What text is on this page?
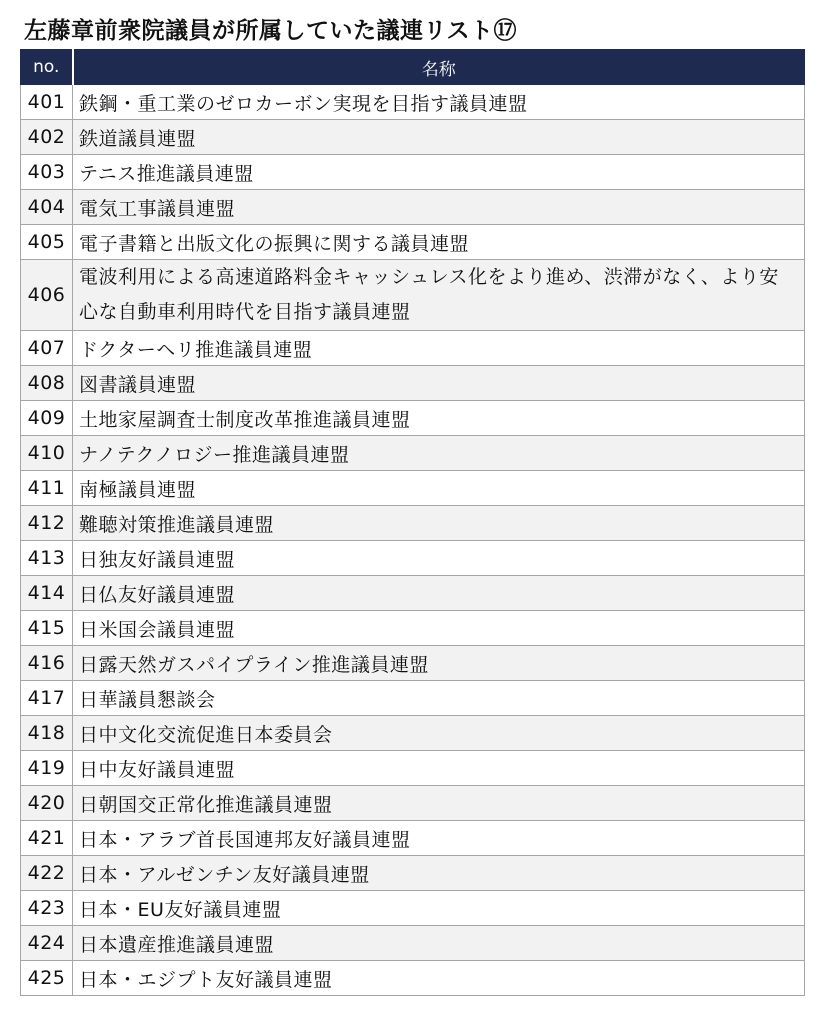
左藤章前衆院議員が所属していた議連リスト⑰
no.	名称
401	鉄鋼・重工業のゼロカーボン実現を目指す議員連盟
402	鉄道議員連盟
403	テニス推進議員連盟
404	電気工事議員連盟
405	電子書籍と出版文化の振興に関する議員連盟
406	電波利用による高速道路料金キャッシュレス化をより進め、渋滞がなく、より安心な自動車利用時代を目指す議員連盟
407	ドクターヘリ推進議員連盟
408	図書議員連盟
409	土地家屋調査士制度改革推進議員連盟
410	ナノテクノロジー推進議員連盟
411	南極議員連盟
412	難聴対策推進議員連盟
413	日独友好議員連盟
414	日仏友好議員連盟
415	日米国会議員連盟
416	日露天然ガスパイプライン推進議員連盟
417	日華議員懇談会
418	日中文化交流促進日本委員会
419	日中友好議員連盟
420	日朝国交正常化推進議員連盟
421	日本・アラブ首長国連邦友好議員連盟
422	日本・アルゼンチン友好議員連盟
423	日本・EU友好議員連盟
424	日本遺産推進議員連盟
425	日本・エジプト友好議員連盟
